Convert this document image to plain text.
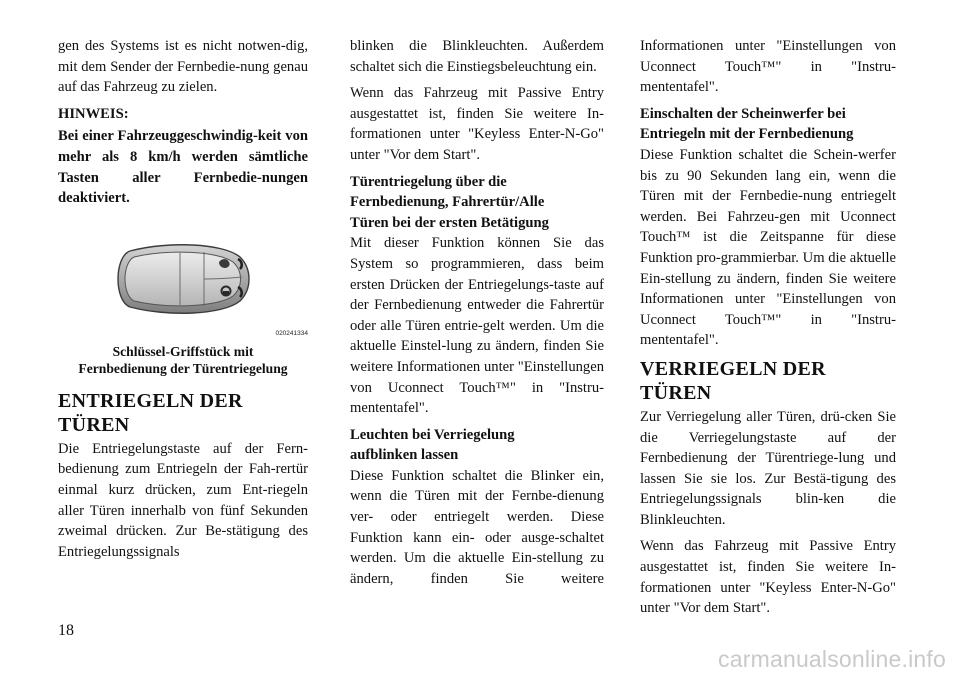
gen des Systems ist es nicht notwen-dig, mit dem Sender der Fernbedie-nung genau auf das Fahrzeug zu zielen.

HINWEIS:

Bei einer Fahrzeuggeschwindig-keit von mehr als 8 km/h werden sämtliche Tasten aller Fernbedie-nungen deaktiviert.

020241334
Schlüssel-Griffstück mit
Fernbedienung der Türentriegelung
ENTRIEGELN DER TÜREN

Die Entriegelungstaste auf der Fern-bedienung zum Entriegeln der Fah-rertür einmal kurz drücken, zum Ent-riegeln aller Türen innerhalb von fünf Sekunden zweimal drücken. Zur Be-stätigung des Entriegelungssignals

blinken die Blinkleuchten. Außerdem schaltet sich die Einstiegsbeleuchtung ein.

Wenn das Fahrzeug mit Passive Entry ausgestattet ist, finden Sie weitere In-formationen unter "Keyless Enter-N-Go" unter "Vor dem Start".

Türentriegelung über die
Fernbedienung, Fahrertür/Alle
Türen bei der ersten Betätigung

Mit dieser Funktion können Sie das System so programmieren, dass beim ersten Drücken der Entriegelungs-taste auf der Fernbedienung entweder die Fahrertür oder alle Türen entrie-gelt werden. Um die aktuelle Einstel-lung zu ändern, finden Sie weitere Informationen unter "Einstellungen von Uconnect Touch™" in "Instru-mententafel".

Leuchten bei Verriegelung
aufblinken lassen

Diese Funktion schaltet die Blinker ein, wenn die Türen mit der Fernbe-dienung ver- oder entriegelt werden. Diese Funktion kann ein- oder ausge-schaltet werden. Um die aktuelle Ein-stellung zu ändern, finden Sie weitere

Informationen unter "Einstellungen von Uconnect Touch™" in "Instru-mententafel".

Einschalten der Scheinwerfer bei
Entriegeln mit der Fernbedienung

Diese Funktion schaltet die Schein-werfer bis zu 90 Sekunden lang ein, wenn die Türen mit der Fernbedie-nung entriegelt werden. Bei Fahrzeu-gen mit Uconnect Touch™ ist die Zeitspanne für diese Funktion pro-grammierbar. Um die aktuelle Ein-stellung zu ändern, finden Sie weitere Informationen unter "Einstellungen von Uconnect Touch™" in "Instru-mententafel".

VERRIEGELN DER TÜREN

Zur Verriegelung aller Türen, drü-cken Sie die Verriegelungstaste auf der Fernbedienung der Türentriege-lung und lassen Sie sie los. Zur Bestä-tigung des Entriegelungssignals blin-ken die Blinkleuchten.

Wenn das Fahrzeug mit Passive Entry ausgestattet ist, finden Sie weitere In-formationen unter "Keyless Enter-N-Go" unter "Vor dem Start".

18
carmanualsonline.info
